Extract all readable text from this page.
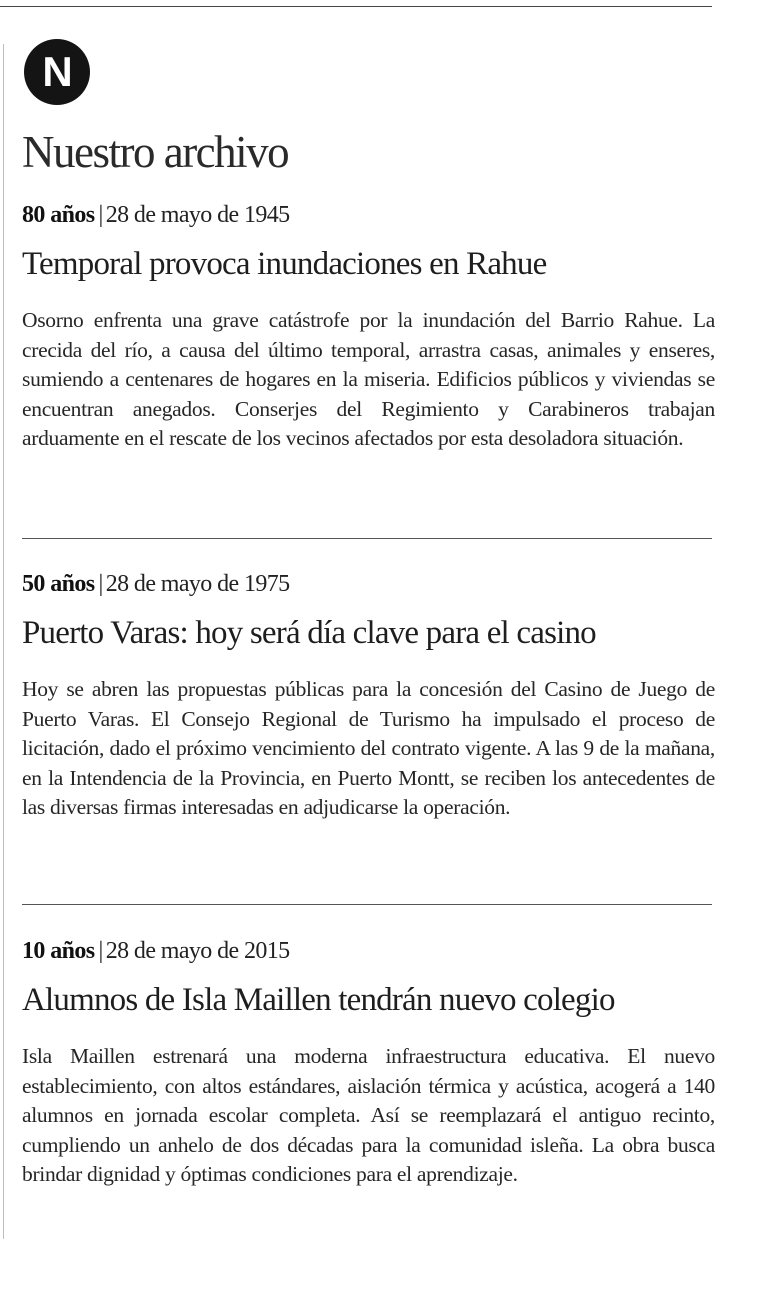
N
Nuestro archivo
80 años | 28 de mayo de 1945
Temporal provoca inundaciones en Rahue

Osorno enfrenta una grave catástrofe por la inundación del Barrio Rahue. La crecida del río, a causa del último temporal, arrastra casas, animales y enseres, sumiendo a centenares de hogares en la miseria. Edificios públicos y viviendas se encuentran anegados. Conserjes del Regimiento y Carabineros trabajan arduamente en el rescate de los vecinos afectados por esta desoladora situación.

50 años | 28 de mayo de 1975
Puerto Varas: hoy será día clave para el casino

Hoy se abren las propuestas públicas para la concesión del Casino de Juego de Puerto Varas. El Consejo Regional de Turismo ha impulsado el proceso de licitación, dado el próximo vencimiento del contrato vigente. A las 9 de la mañana, en la Intendencia de la Provincia, en Puerto Montt, se reciben los antecedentes de las diversas firmas interesadas en adjudicarse la operación.

10 años | 28 de mayo de 2015
Alumnos de Isla Maillen tendrán nuevo colegio

Isla Maillen estrenará una moderna infraestructura educativa. El nuevo establecimiento, con altos estándares, aislación térmica y acústica, acogerá a 140 alumnos en jornada escolar completa. Así se reemplazará el antiguo recinto, cumpliendo un anhelo de dos décadas para la comunidad isleña. La obra busca brindar dignidad y óptimas condiciones para el aprendizaje.
